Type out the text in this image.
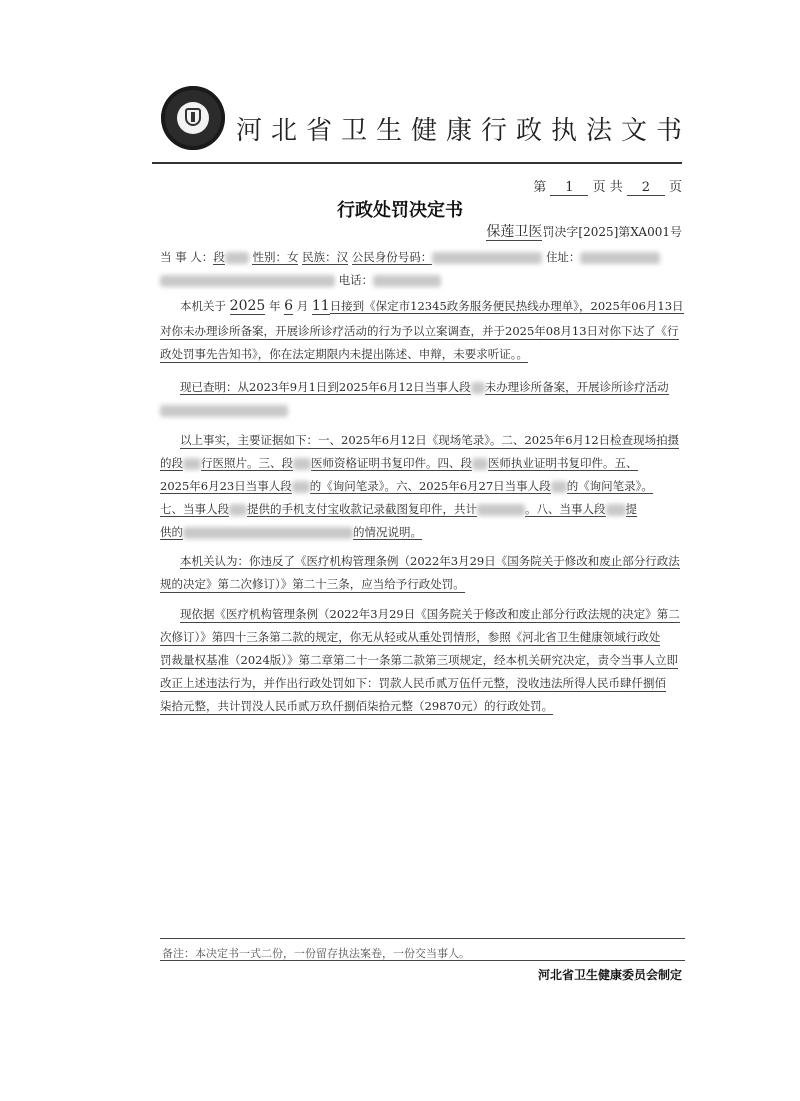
河北省卫生健康行政执法文书
第 1 页 共 2 页
行政处罚决定书
保莲卫医罚决字[2025]第XA001号
当 事 人：段 性别：女 民族：汉 公民身份号码：	住址：
电话：
本机关于 2025 年 6 月 11日接到《保定市12345政务服务便民热线办理单》，2025年06月13日
对你未办理诊所备案，开展诊所诊疗活动的行为予以立案调查，并于2025年08月13日对你下达了《行
政处罚事先告知书》，你在法定期限内未提出陈述、申辩，未要求听证。。
现已查明：从2023年9月1日到2025年6月12日当事人段 未办理诊所备案，开展诊所诊疗活动
以上事实，主要证据如下：一、2025年6月12日《现场笔录》。二、2025年6月12日检查现场拍摄
的段 行医照片。三、段 医师资格证明书复印件。四、段 医师执业证明书复印件。五、
2025年6月23日当事人段 的《询问笔录》。六、2025年6月27日当事人段 的《询问笔录》。
七、当事人段 提供的手机支付宝收款记录截图复印件，共计	。八、当事人段 提
供的	的情况说明。
本机关认为：你违反了《医疗机构管理条例（2022年3月29日《国务院关于修改和废止部分行政法
规的决定》第二次修订）》第二十三条，应当给予行政处罚。
现依据《医疗机构管理条例（2022年3月29日《国务院关于修改和废止部分行政法规的决定》第二
次修订）》第四十三条第二款的规定，你无从轻或从重处罚情形，参照《河北省卫生健康领域行政处
罚裁量权基准（2024版）》第二章第二十一条第二款第三项规定，经本机关研究决定，责令当事人立即
改正上述违法行为，并作出行政处罚如下：罚款人民币贰万伍仟元整，没收违法所得人民币肆仟捌佰
柒拾元整，共计罚没人民币贰万玖仟捌佰柒拾元整（29870元）的行政处罚。
备注：本决定书一式二份，一份留存执法案卷，一份交当事人。
河北省卫生健康委员会制定
